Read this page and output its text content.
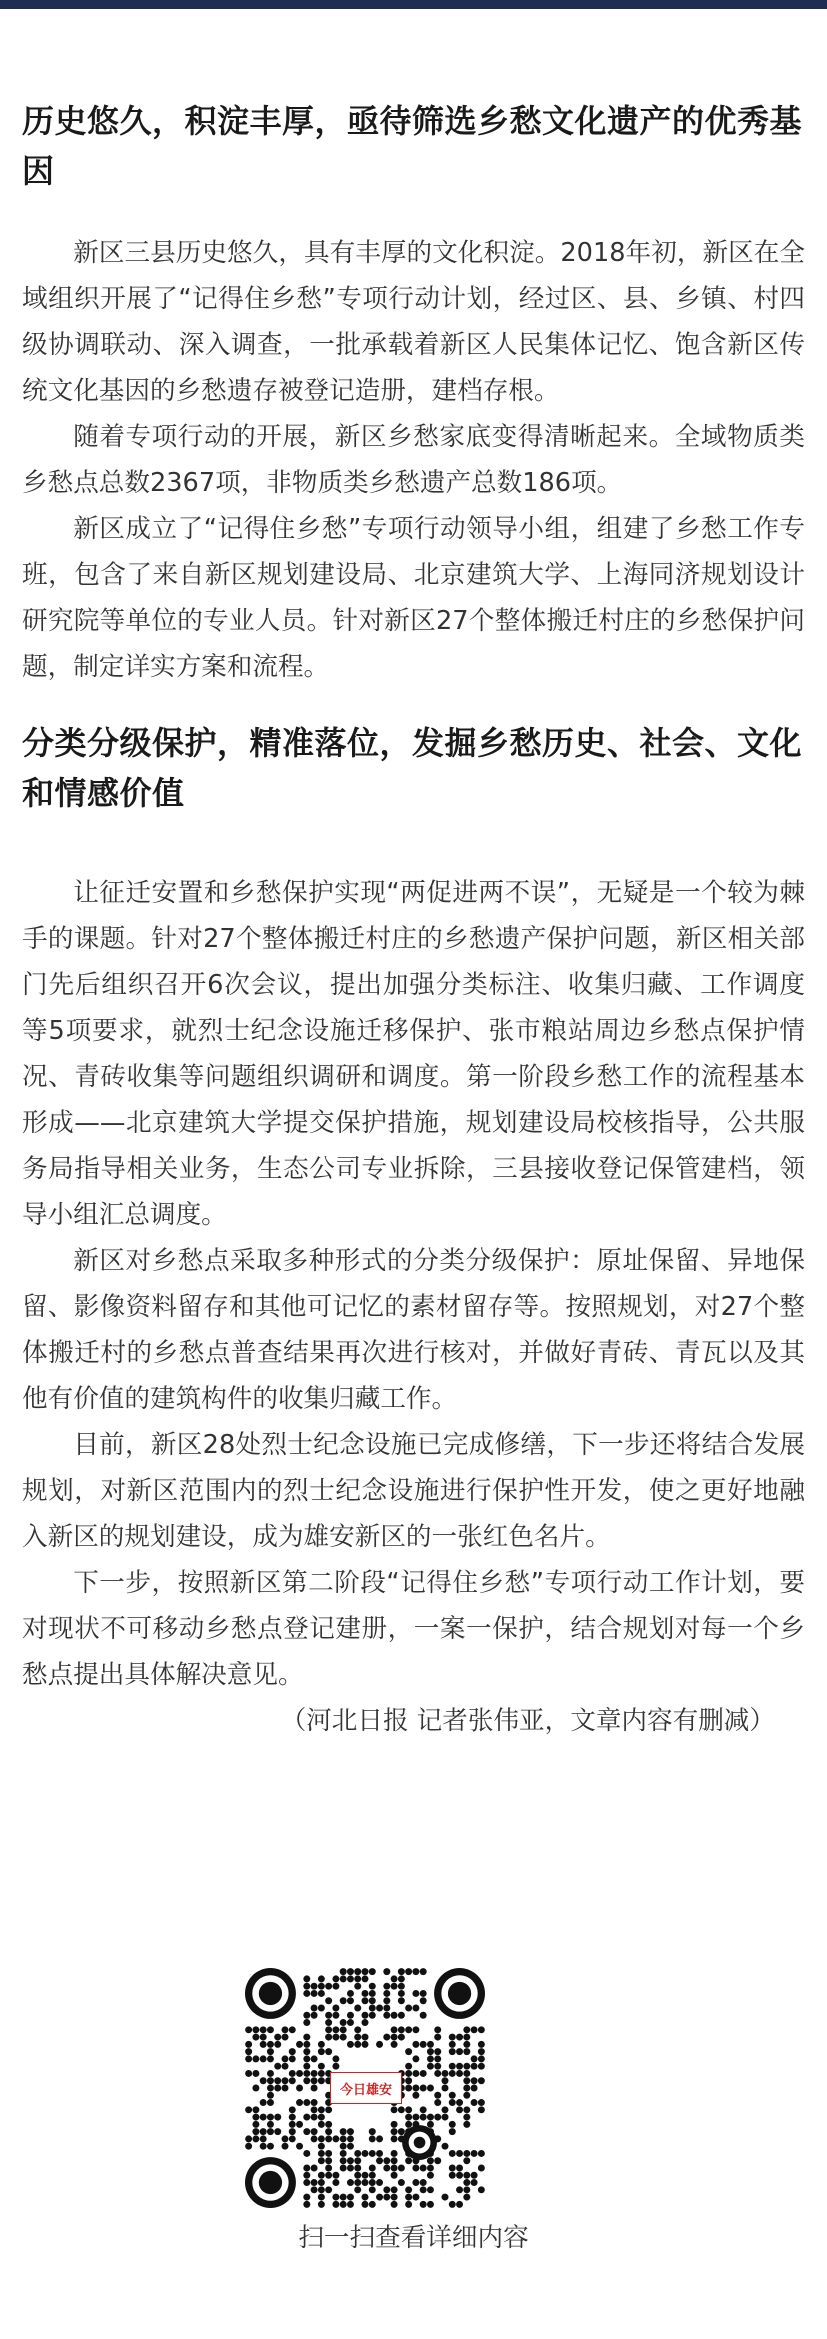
历史悠久，积淀丰厚，亟待筛选乡愁文化遗产的优秀基因

新区三县历史悠久，具有丰厚的文化积淀。2018年初，新区在全域组织开展了“记得住乡愁”专项行动计划，经过区、县、乡镇、村四级协调联动、深入调查，一批承载着新区人民集体记忆、饱含新区传统文化基因的乡愁遗存被登记造册，建档存根。

随着专项行动的开展，新区乡愁家底变得清晰起来。全域物质类乡愁点总数2367项，非物质类乡愁遗产总数186项。

新区成立了“记得住乡愁”专项行动领导小组，组建了乡愁工作专班，包含了来自新区规划建设局、北京建筑大学、上海同济规划设计研究院等单位的专业人员。针对新区27个整体搬迁村庄的乡愁保护问题，制定详实方案和流程。

分类分级保护，精准落位，发掘乡愁历史、社会、文化和情感价值

让征迁安置和乡愁保护实现“两促进两不误”，无疑是一个较为棘手的课题。针对27个整体搬迁村庄的乡愁遗产保护问题，新区相关部门先后组织召开6次会议，提出加强分类标注、收集归藏、工作调度等5项要求，就烈士纪念设施迁移保护、张市粮站周边乡愁点保护情况、青砖收集等问题组织调研和调度。第一阶段乡愁工作的流程基本形成——北京建筑大学提交保护措施，规划建设局校核指导，公共服务局指导相关业务，生态公司专业拆除，三县接收登记保管建档，领导小组汇总调度。

新区对乡愁点采取多种形式的分类分级保护：原址保留、异地保留、影像资料留存和其他可记忆的素材留存等。按照规划，对27个整体搬迁村的乡愁点普查结果再次进行核对，并做好青砖、青瓦以及其他有价值的建筑构件的收集归藏工作。

目前，新区28处烈士纪念设施已完成修缮，下一步还将结合发展规划，对新区范围内的烈士纪念设施进行保护性开发，使之更好地融入新区的规划建设，成为雄安新区的一张红色名片。

下一步，按照新区第二阶段“记得住乡愁”专项行动工作计划，要对现状不可移动乡愁点登记建册，一案一保护，结合规划对每一个乡愁点提出具体解决意见。

（河北日报 记者张伟亚，文章内容有删减）

今日雄安
扫一扫查看详细内容
